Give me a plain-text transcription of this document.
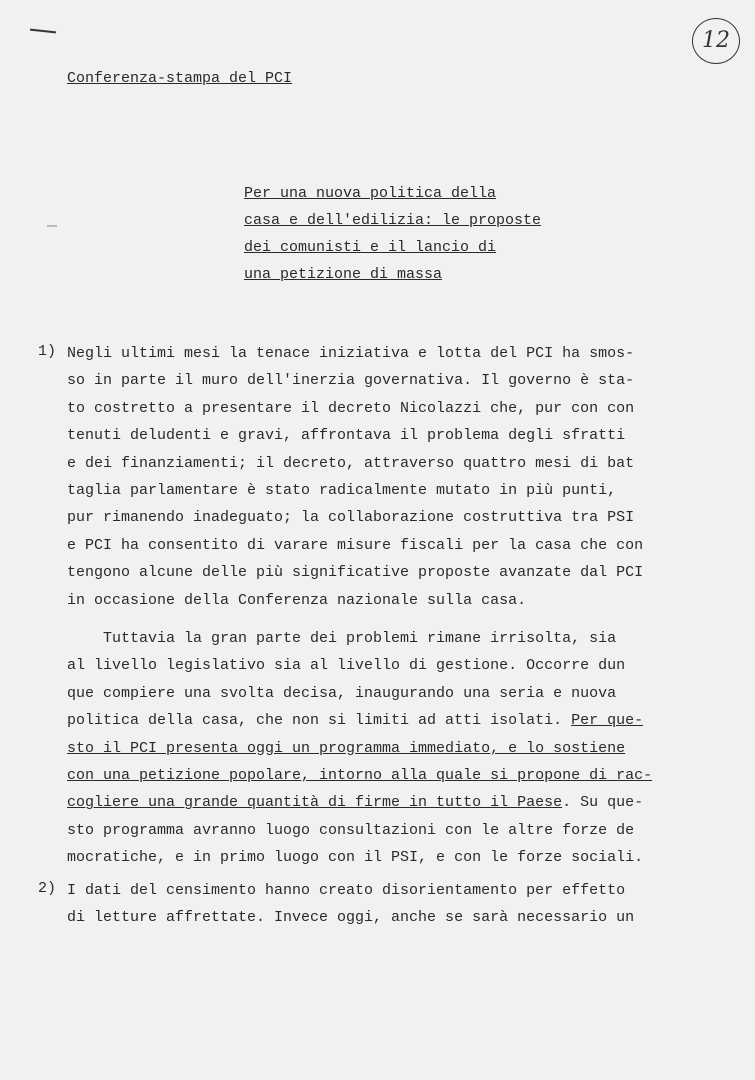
12
Conferenza-stampa del PCI
Per una nuova politica della
casa e dell'edilizia: le proposte
dei comunisti e il lancio di
una petizione di massa
1) Negli ultimi mesi la tenace iniziativa e lotta del PCI ha smos-
so in parte il muro dell'inerzia governativa. Il governo è sta-
to costretto a presentare il decreto Nicolazzi che, pur con con
tenuti deludenti e gravi, affrontava il problema degli sfratti
e dei finanziamenti; il decreto, attraverso quattro mesi di bat
taglia parlamentare è stato radicalmente mutato in più punti,
pur rimanendo inadeguato; la collaborazione costruttiva tra PSI
e PCI ha consentito di varare misure fiscali per la casa che con
tengono alcune delle più significative proposte avanzate dal PCI
in occasione della Conferenza nazionale sulla casa.
Tuttavia la gran parte dei problemi rimane irrisolta, sia
al livello legislativo sia al livello di gestione. Occorre dun
que compiere una svolta decisa, inaugurando una seria e nuova
politica della casa, che non si limiti ad atti isolati. Per que-
sto il PCI presenta oggi un programma immediato, e lo sostiene
con una petizione popolare, intorno alla quale si propone di rac-
cogliere una grande quantità di firme in tutto il Paese. Su que-
sto programma avranno luogo consultazioni con le altre forze de
mocratiche, e in primo luogo con il PSI, e con le forze sociali.
2) I dati del censimento hanno creato disorientamento per effetto
di letture affrettate. Invece oggi, anche se sarà necessario un
